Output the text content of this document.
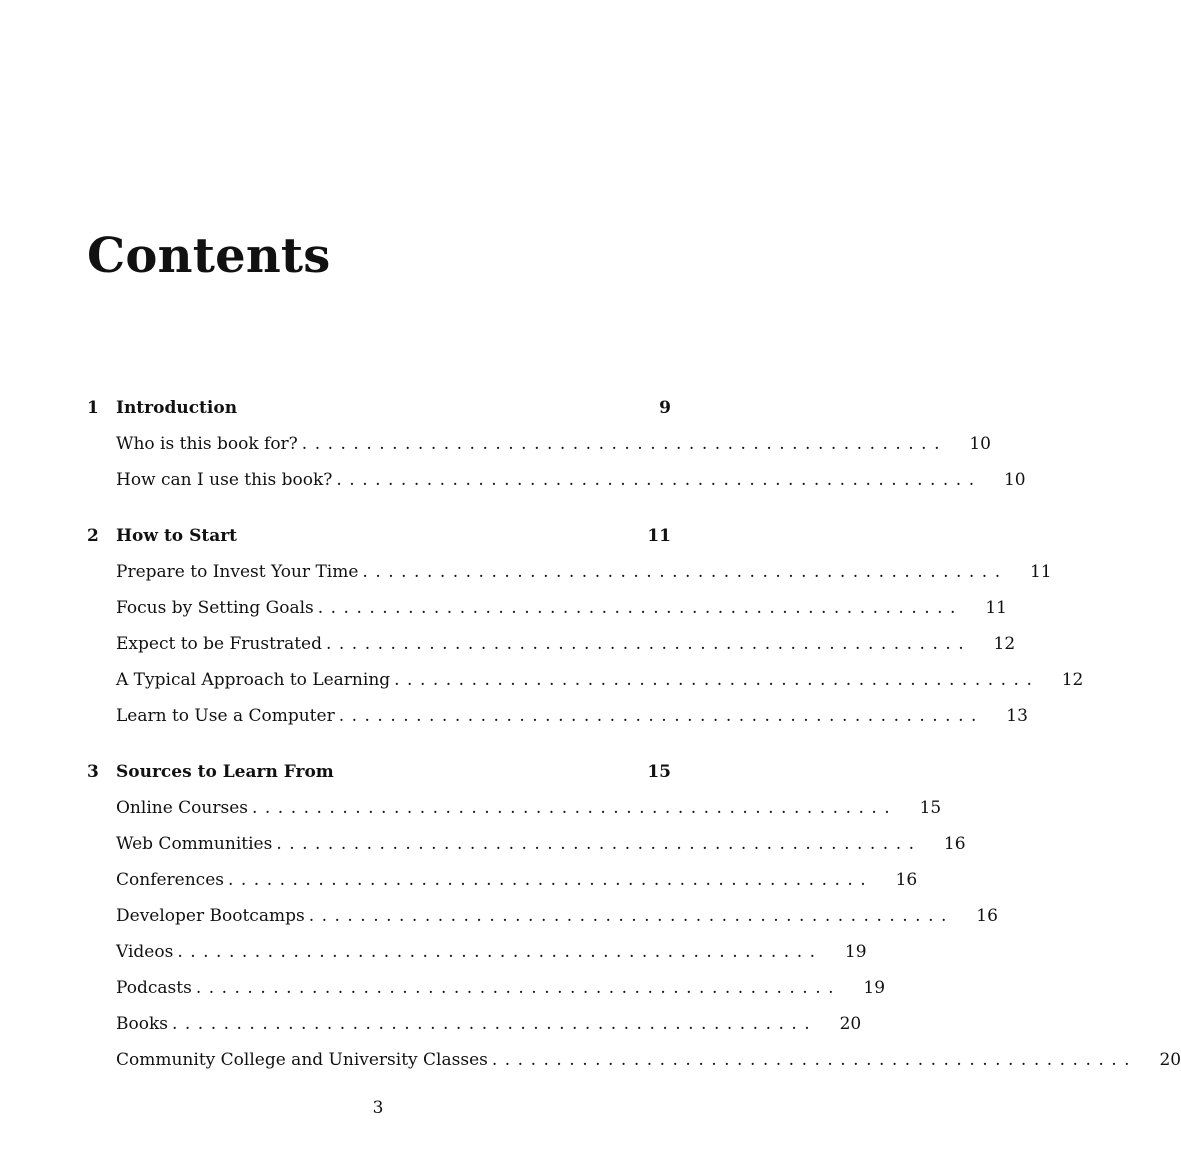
Contents
1	Introduction	9
Who is this book for? ..................................................	10
How can I use this book? ..................................................	10
2	How to Start	11
Prepare to Invest Your Time ..................................................	11
Focus by Setting Goals ..................................................	11
Expect to be Frustrated ..................................................	12
A Typical Approach to Learning ..................................................	12
Learn to Use a Computer ..................................................	13
3	Sources to Learn From	15
Online Courses ..................................................	15
Web Communities ..................................................	16
Conferences ..................................................	16
Developer Bootcamps ..................................................	16
Videos ..................................................	19
Podcasts ..................................................	19
Books ..................................................	20
Community College and University Classes ..................................................	20
3
